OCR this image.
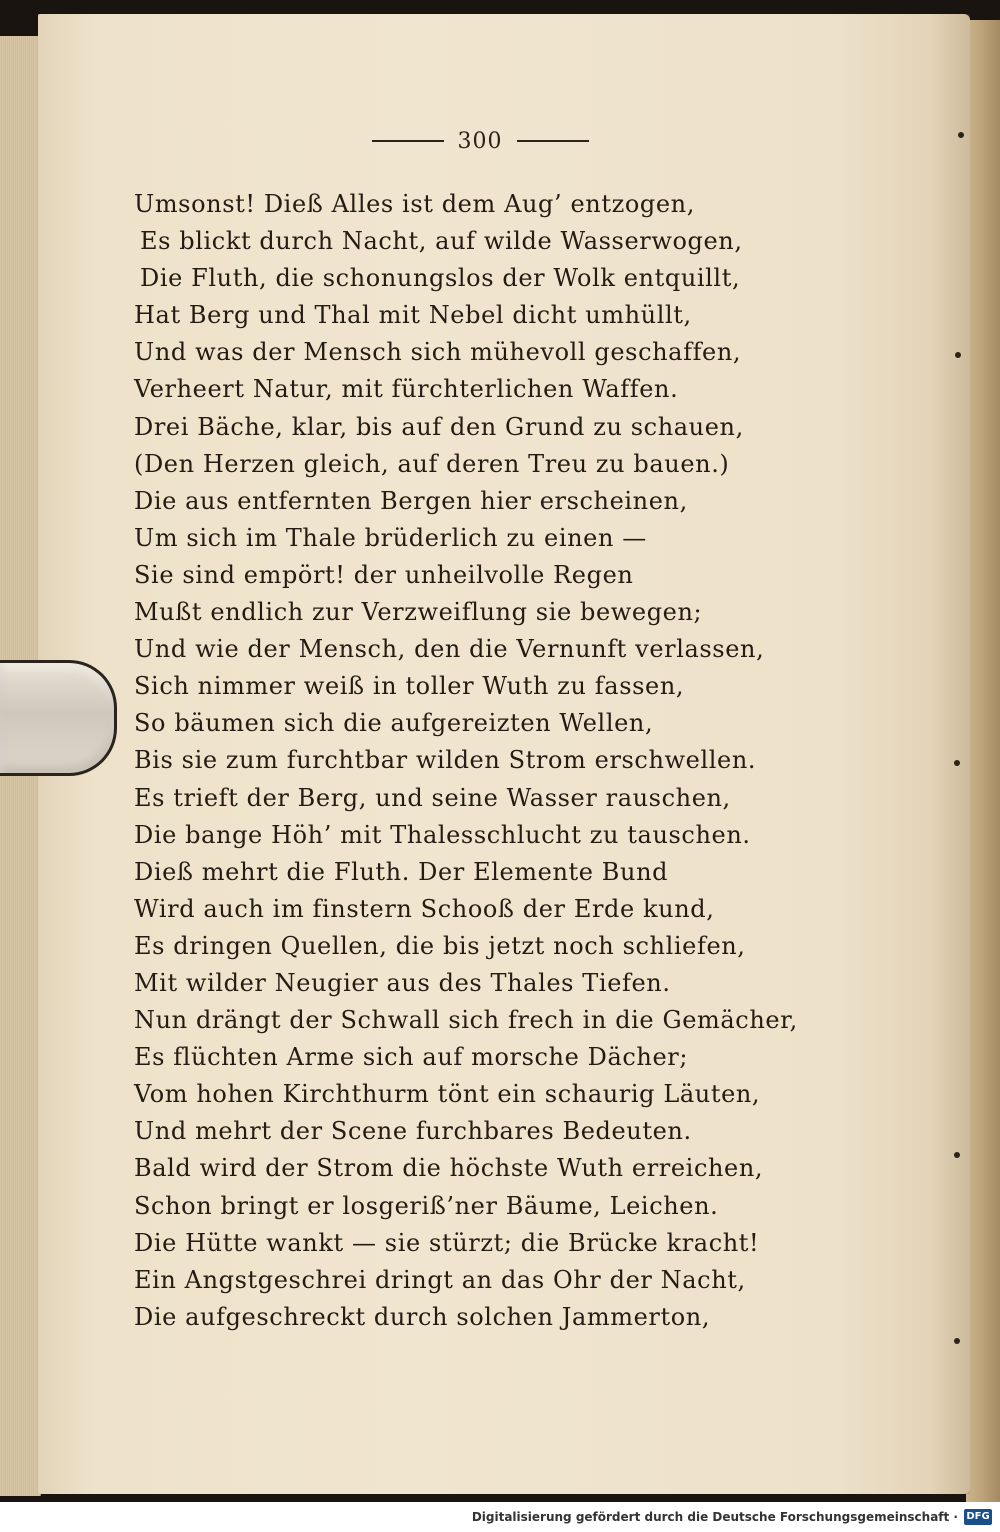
300
Umsonst! Dieß Alles ist dem Aug’ entzogen,
Es blickt durch Nacht, auf wilde Wasserwogen,
Die Fluth, die schonungslos der Wolk entquillt,
Hat Berg und Thal mit Nebel dicht umhüllt,
Und was der Mensch sich mühevoll geschaffen,
Verheert Natur, mit fürchterlichen Waffen.
Drei Bäche, klar, bis auf den Grund zu schauen,
(Den Herzen gleich, auf deren Treu zu bauen.)
Die aus entfernten Bergen hier erscheinen,
Um sich im Thale brüderlich zu einen —
Sie sind empört! der unheilvolle Regen
Mußt endlich zur Verzweiflung sie bewegen;
Und wie der Mensch, den die Vernunft verlassen,
Sich nimmer weiß in toller Wuth zu fassen,
So bäumen sich die aufgereizten Wellen,
Bis sie zum furchtbar wilden Strom erschwellen.
Es trieft der Berg, und seine Wasser rauschen,
Die bange Höh’ mit Thalesschlucht zu tauschen.
Dieß mehrt die Fluth. Der Elemente Bund
Wird auch im finstern Schooß der Erde kund,
Es dringen Quellen, die bis jetzt noch schliefen,
Mit wilder Neugier aus des Thales Tiefen.
Nun drängt der Schwall sich frech in die Gemächer,
Es flüchten Arme sich auf morsche Dächer;
Vom hohen Kirchthurm tönt ein schaurig Läuten,
Und mehrt der Scene furchbares Bedeuten.
Bald wird der Strom die höchste Wuth erreichen,
Schon bringt er losgeriß’ner Bäume, Leichen.
Die Hütte wankt — sie stürzt; die Brücke kracht!
Ein Angstgeschrei dringt an das Ohr der Nacht,
Die aufgeschreckt durch solchen Jammerton,
Digitalisierung gefördert durch die Deutsche Forschungsgemeinschaft · DFG
